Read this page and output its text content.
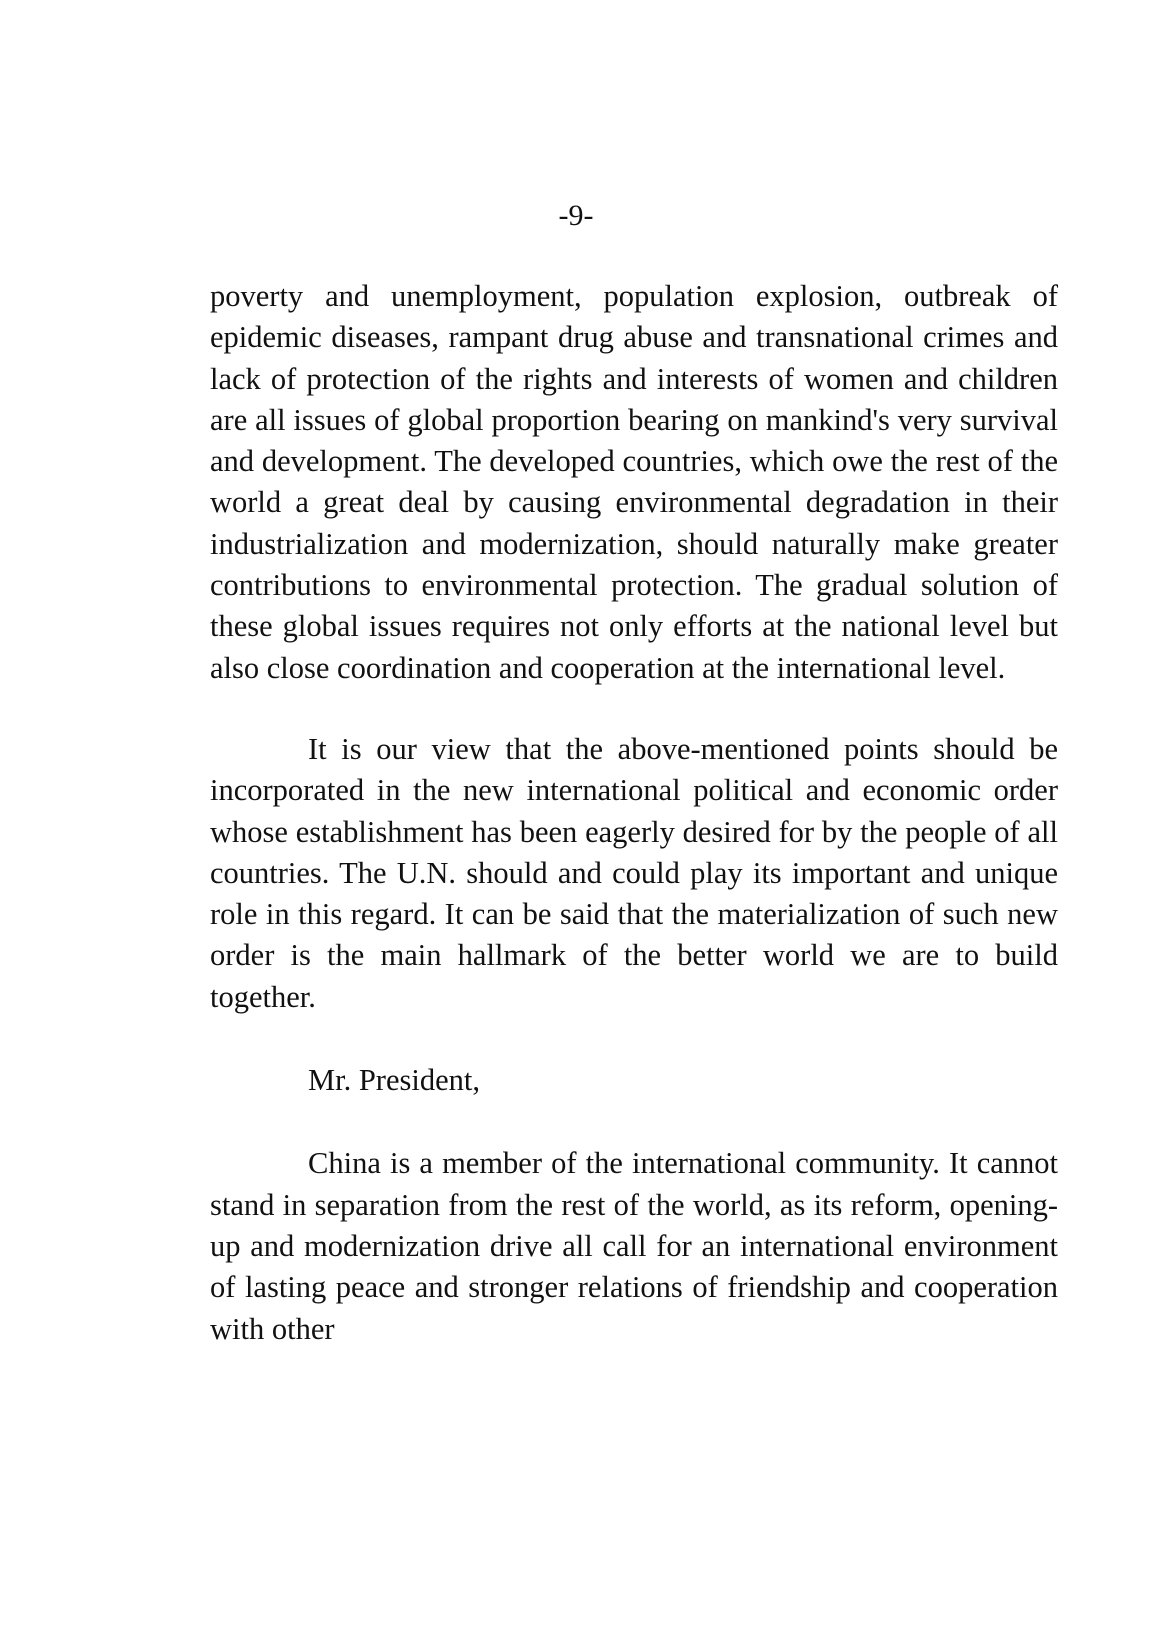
-9-

poverty and unemployment, population explosion, outbreak of epidemic diseases, rampant drug abuse and transnational crimes and lack of protection of the rights and interests of women and children are all issues of global proportion bearing on mankind's very survival and development. The developed countries, which owe the rest of the world a great deal by causing environmental degradation in their industrialization and modernization, should naturally make greater contributions to environmental protection. The gradual solution of these global issues requires not only efforts at the national level but also close coordination and cooperation at the international level.

It is our view that the above-mentioned points should be incorporated in the new international political and economic order whose establishment has been eagerly desired for by the people of all countries. The U.N. should and could play its important and unique role in this regard. It can be said that the materialization of such new order is the main hallmark of the better world we are to build together.

Mr. President,

China is a member of the international community. It cannot stand in separation from the rest of the world, as its reform, opening-up and modernization drive all call for an international environment of lasting peace and stronger relations of friendship and cooperation with other
